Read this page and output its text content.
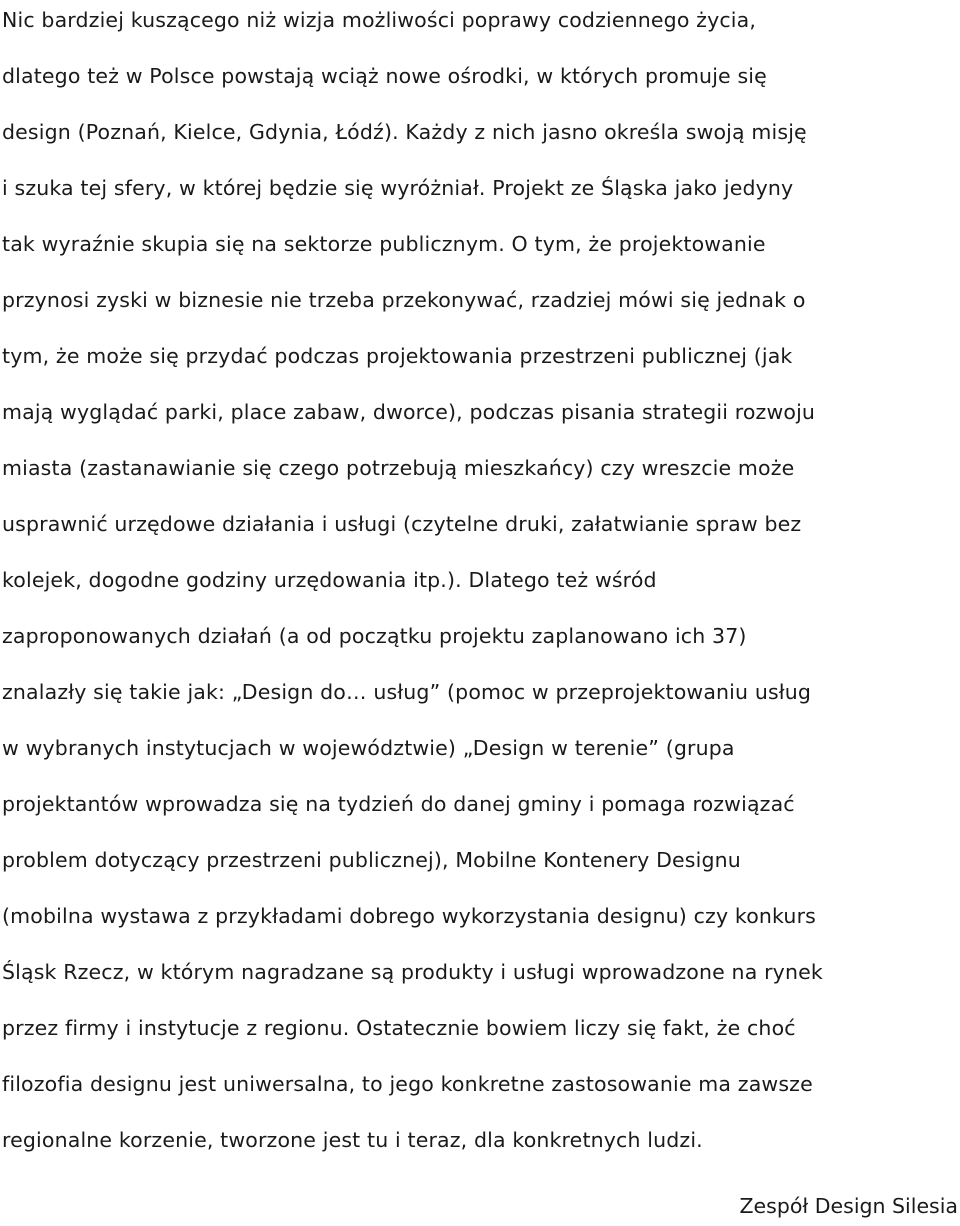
Nic bardziej kuszącego niż wizja możliwości poprawy codziennego życia,
dlatego też w Polsce powstają wciąż nowe ośrodki, w których promuje się
design (Poznań, Kielce, Gdynia, Łódź). Każdy z nich jasno określa swoją misję
i szuka tej sfery, w której będzie się wyróżniał. Projekt ze Śląska jako jedyny
tak wyraźnie skupia się na sektorze publicznym. O tym, że projektowanie
przynosi zyski w biznesie nie trzeba przekonywać, rzadziej mówi się jednak o
tym, że może się przydać podczas projektowania przestrzeni publicznej (jak
mają wyglądać parki, place zabaw, dworce), podczas pisania strategii rozwoju
miasta (zastanawianie się czego potrzebują mieszkańcy) czy wreszcie może
usprawnić urzędowe działania i usługi (czytelne druki, załatwianie spraw bez
kolejek, dogodne godziny urzędowania itp.). Dlatego też wśród
zaproponowanych działań (a od początku projektu zaplanowano ich 37)
znalazły się takie jak: „Design do… usług” (pomoc w przeprojektowaniu usług
w wybranych instytucjach w województwie) „Design w terenie” (grupa
projektantów wprowadza się na tydzień do danej gminy i pomaga rozwiązać
problem dotyczący przestrzeni publicznej), Mobilne Kontenery Designu
(mobilna wystawa z przykładami dobrego wykorzystania designu) czy konkurs
Śląsk Rzecz, w którym nagradzane są produkty i usługi wprowadzone na rynek
przez firmy i instytucje z regionu. Ostatecznie bowiem liczy się fakt, że choć
filozofia designu jest uniwersalna, to jego konkretne zastosowanie ma zawsze
regionalne korzenie, tworzone jest tu i teraz, dla konkretnych ludzi.
Zespół Design Silesia
